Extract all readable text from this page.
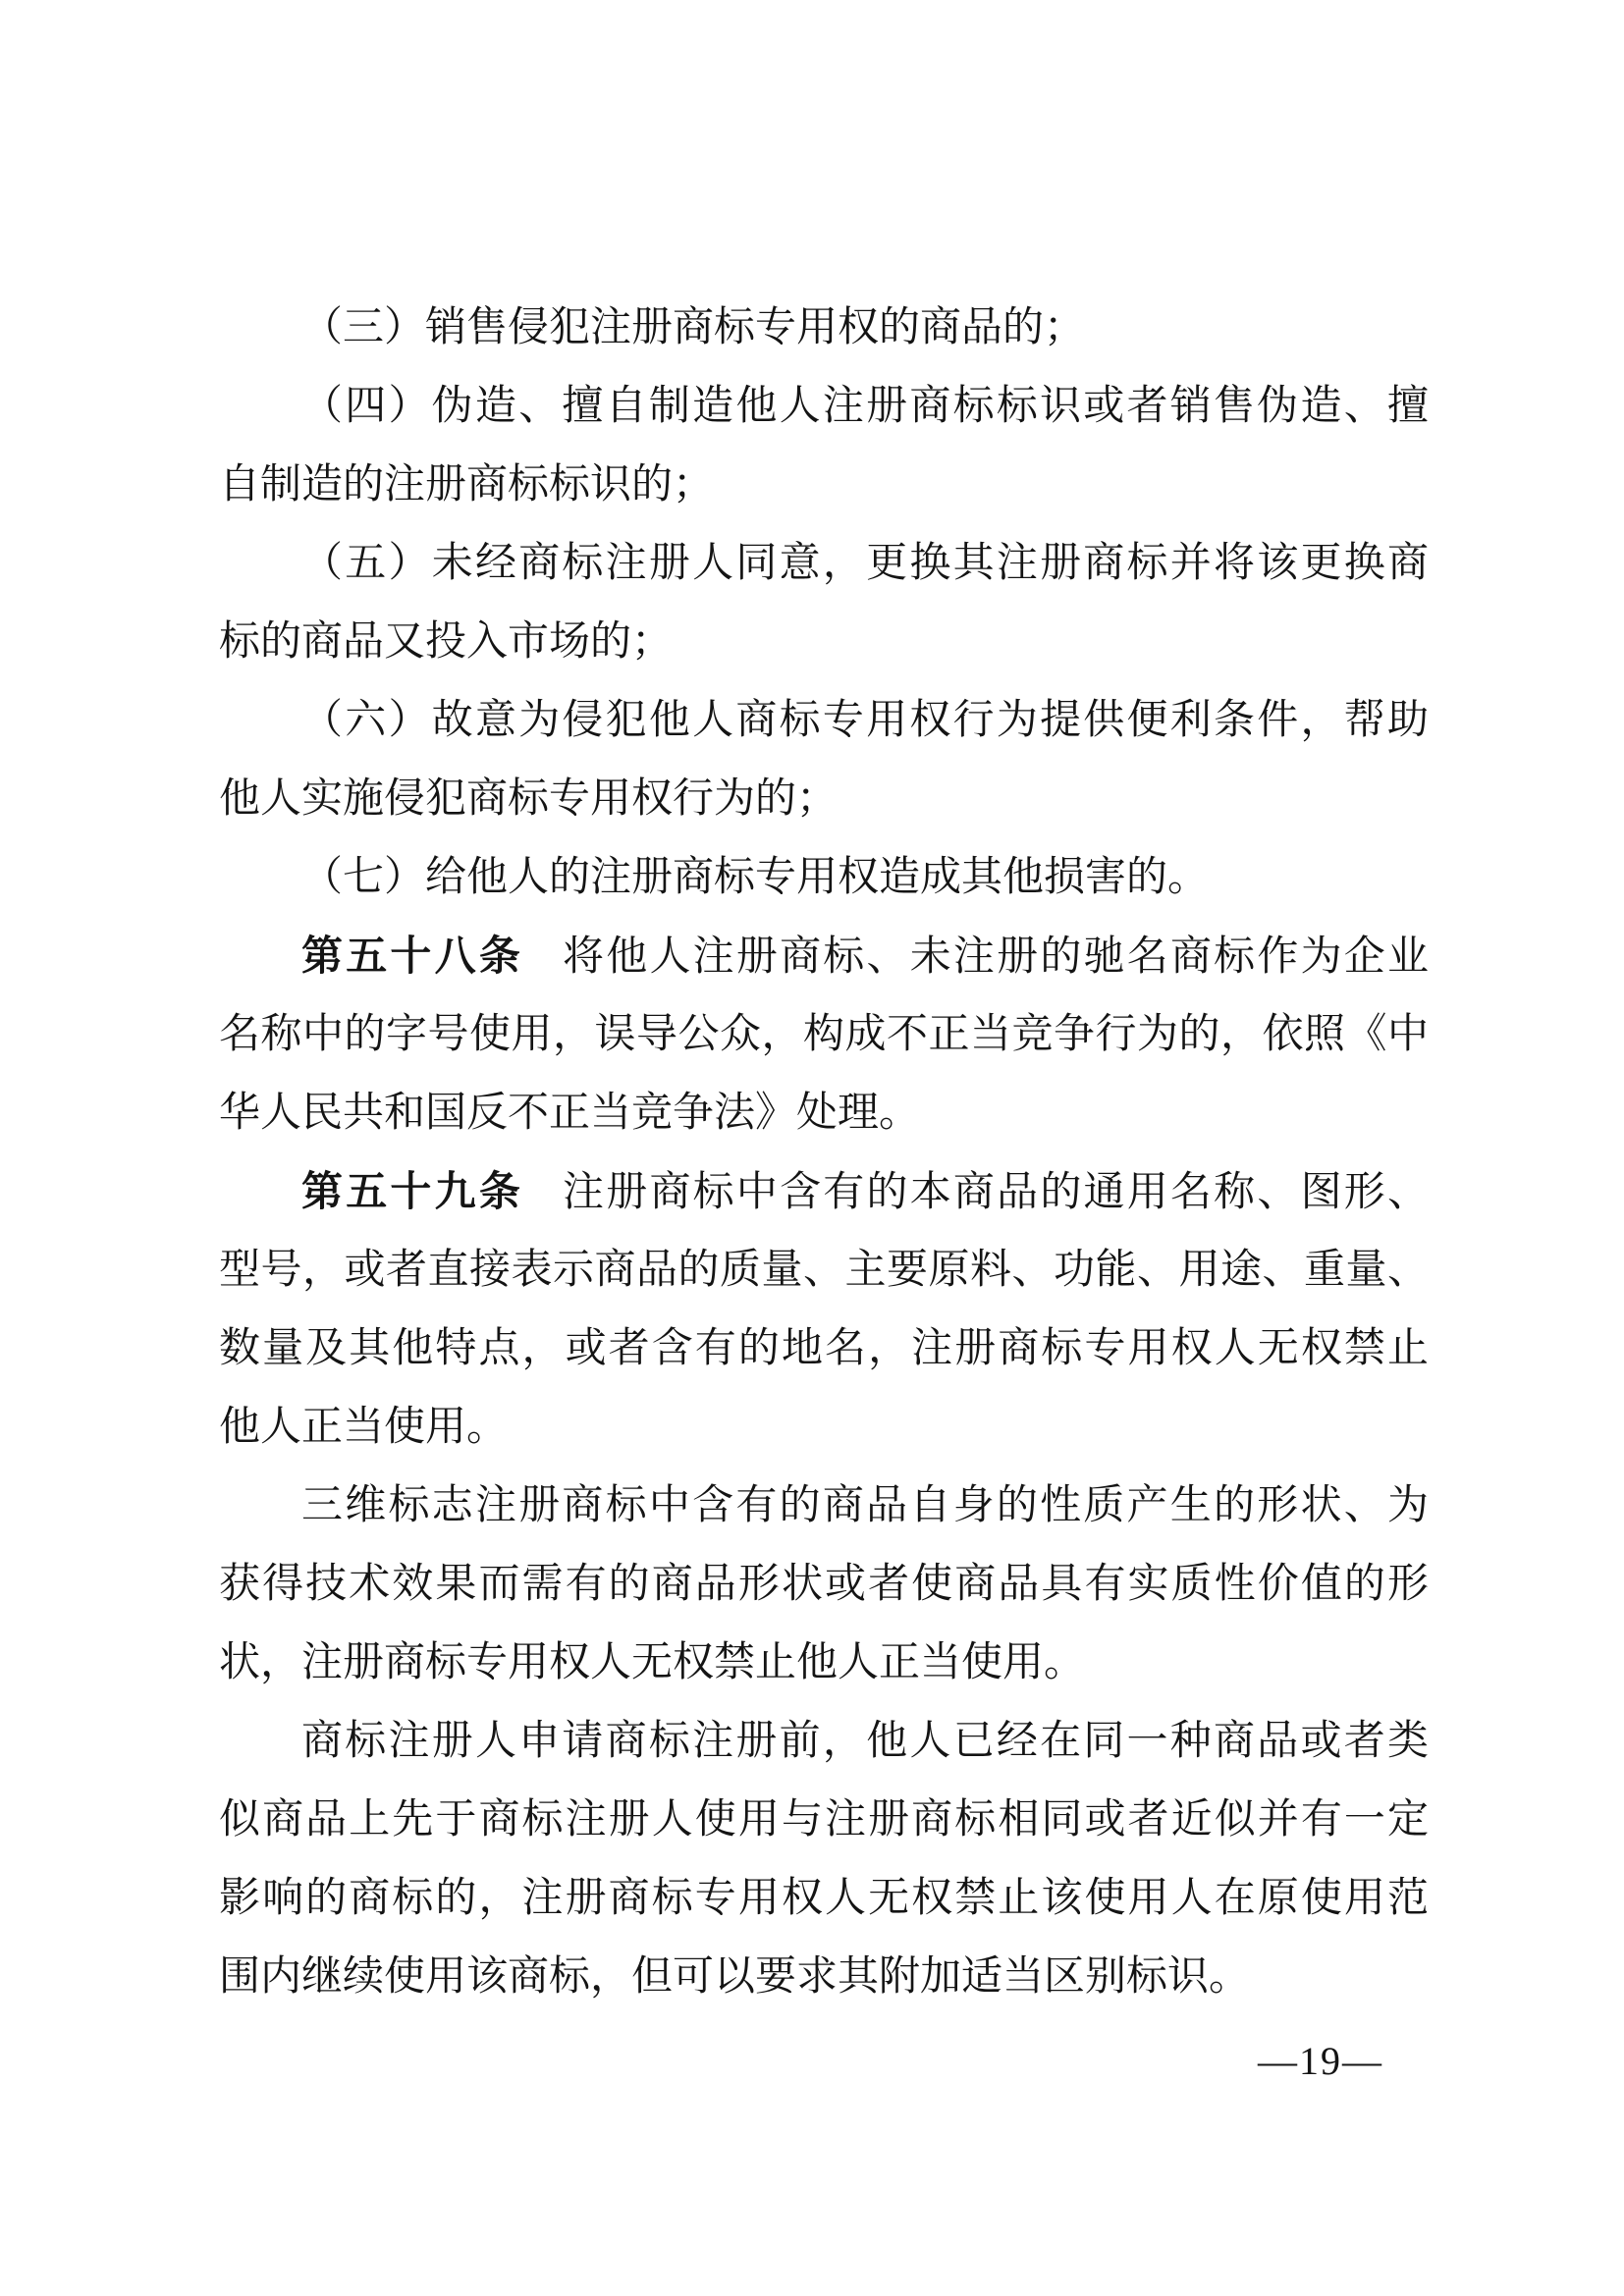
（三）销售侵犯注册商标专用权的商品的；
（四）伪造、擅自制造他人注册商标标识或者销售伪造、擅
自制造的注册商标标识的；
（五）未经商标注册人同意，更换其注册商标并将该更换商
标的商品又投入市场的；
（六）故意为侵犯他人商标专用权行为提供便利条件，帮助
他人实施侵犯商标专用权行为的；
（七）给他人的注册商标专用权造成其他损害的。
第五十八条 将他人注册商标、未注册的驰名商标作为企业
名称中的字号使用，误导公众，构成不正当竞争行为的，依照《中
华人民共和国反不正当竞争法》处理。
第五十九条 注册商标中含有的本商品的通用名称、图形、
型号，或者直接表示商品的质量、主要原料、功能、用途、重量、
数量及其他特点，或者含有的地名，注册商标专用权人无权禁止
他人正当使用。
三维标志注册商标中含有的商品自身的性质产生的形状、为
获得技术效果而需有的商品形状或者使商品具有实质性价值的形
状，注册商标专用权人无权禁止他人正当使用。
商标注册人申请商标注册前，他人已经在同一种商品或者类
似商品上先于商标注册人使用与注册商标相同或者近似并有一定
影响的商标的，注册商标专用权人无权禁止该使用人在原使用范
围内继续使用该商标，但可以要求其附加适当区别标识。
—19—
